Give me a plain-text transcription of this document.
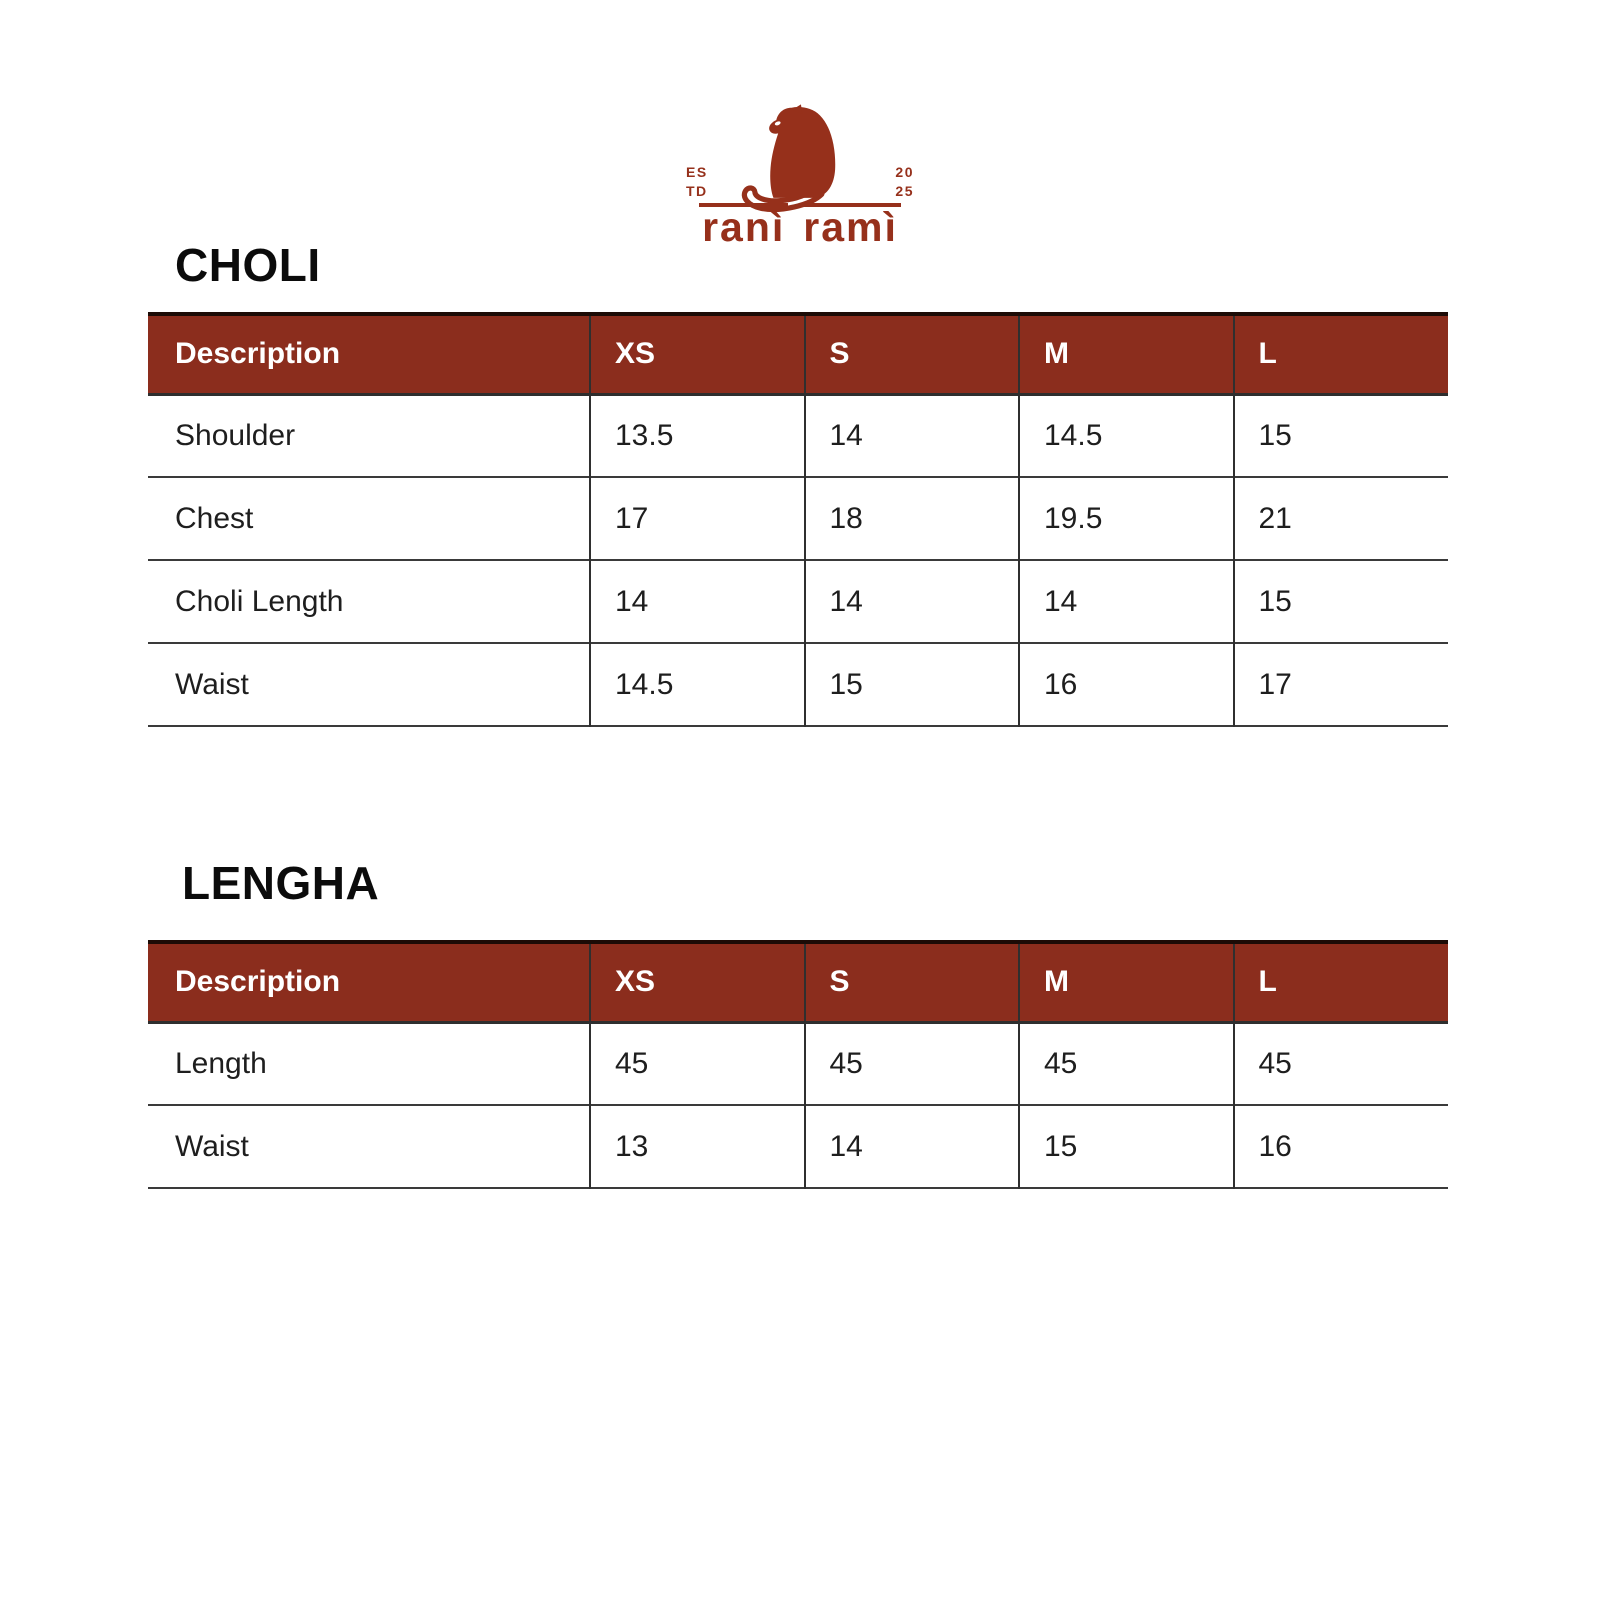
ES
TD
20
25
ranì ramì
CHOLI
Description	XS	S	M	L
Shoulder	13.5	14	14.5	15
Chest	17	18	19.5	21
Choli Length	14	14	14	15
Waist	14.5	15	16	17
LENGHA
Description	XS	S	M	L
Length	45	45	45	45
Waist	13	14	15	16
